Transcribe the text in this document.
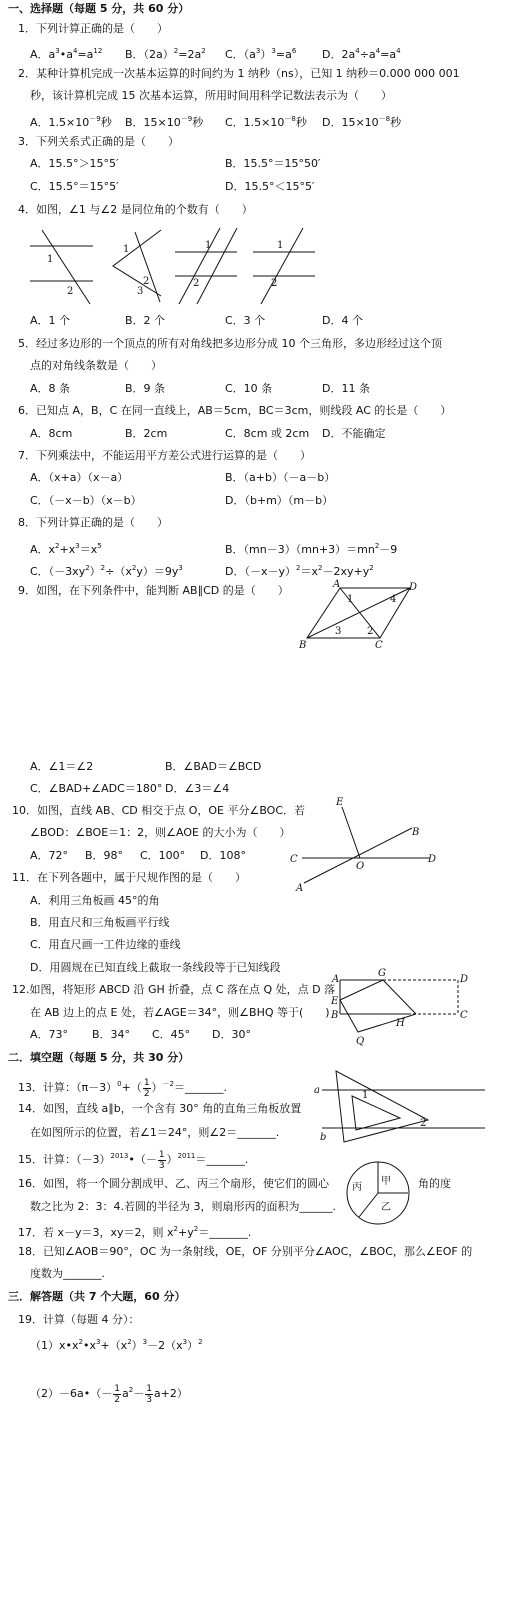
一、选择题（每题 5 分，共 60 分）
1．下列计算正确的是（　　）
A．$a^3•a^4=a^{12}$ B．$(2a)^2=2a^2$ C．$(a^3)^3=a^6$ D．$2a^4\div a^4=a^4$
2．某种计算机完成一次基本运算的时间约为 1 纳秒（ns），已知 1 纳秒＝0.000 000 001
秒，该计算机完成 15 次基本运算，所用时间用科学记数法表示为（　　）
A．$1.5\times 10^{-9}$秒 B．$15\times 10^{-9}$秒 C．$1.5\times 10^{-8}$秒 D．$15\times 10^{-8}$秒
3．下列关系式正确的是（　　）
A．15.5°＞15°5′	B．15.5°＝15°50′
C．15.5°＝15°5′	D．15.5°＜15°5′
4．如图，∠1 与∠2 是同位角的个数有（　　）
1
2
1
2
3
1
2
1
2
A．1 个	B．2 个	C．3 个	D．4 个
5．经过多边形的一个顶点的所有对角线把多边形分成 10 个三角形，多边形经过这个顶
点的对角线条数是（　　）
A．8 条	B．9 条	C．10 条	D．11 条
6．已知点 A，B，C 在同一直线上，AB＝5cm，BC＝3cm，则线段 AC 的长是（　　）
A．8cm	B．2cm	C．8cm 或 2cm D．不能确定
7．下列乘法中，不能运用平方差公式进行运算的是（　　）
A．（x+a）（x－a）	B．（a+b）（－a－b）
C．（－x－b）（x－b）	D．（b+m）（m－b）
8．下列计算正确的是（　　）
A．$x^2+x^3=x^5$	B．$(mn-3)(mn+3)=mn^2-9$
C．$(-3xy^2)^2\div(x^2y)=9y^3$	D．$(-x-y)^2=x^2-2xy+y^2$
9．如图，在下列条件中，能判断 AB∥CD 的是（　　）	A	D
B	C
1	4
3	2
A．∠1＝∠2	B．∠BAD＝∠BCD
C．∠BAD+∠ADC＝180° D．∠3＝∠4
10．如图，直线 AB、CD 相交于点 O，OE 平分∠BOC．若
∠BOD：∠BOE＝1：2，则∠AOE 的大小为（　　）
A．72° B．98° C．100° D．108°
E
B
C
O
D
A
11．在下列各题中，属于尺规作图的是（　　）
A．利用三角板画 45°的角
B．用直尺和三角板画平行线
C．用直尺画一工件边缘的垂线
D．用圆规在已知直线上截取一条线段等于已知线段
12.如图，将矩形 ABCD 沿 GH 折叠，点 C 落在点 Q 处，点 D 落
在 AB 边上的点 E 处，若∠AGE＝34°，则∠BHQ 等于(　　)
A．73° B．34° C．45° D．30°
A
G
D
E
B
H
C
Q
二．填空题（每题 5 分，共 30 分）
13．计算：$(\pi-3)^0+( \frac{1}{2}$ ）$^{-2}=\_\_\_\_\_\_\_$.
14．如图，直线 a∥b，一个含有 30° 角的直角三角板放置
在如图所示的位置，若∠1＝24°，则∠2＝_______.
a
b
1
2
15．计算：$(-3)^{2013}•(- \frac{1}{3}$ ）$^{2011}$＝_______.
16．如图，将一个圆分割成甲、乙、丙三个扇形，使它们的圆心	角的度
数之比为 2：3：4.若圆的半径为 3，则扇形丙的面积为______.
甲
乙
丙
17．若 x－y＝3，xy＝2，则 $x^2+y^2=\_\_\_\_\_\_\_$.
18．已知∠AOB＝90°，OC 为一条射线，OE，OF 分别平分∠AOC，∠BOC，那么∠EOF 的
度数为_______.
三．解答题（共 7 个大题，60 分）
19．计算（每题 4 分）：
$(1)x•x^2•x^3+(x^2)^3-2(x^3)^2$
（2）－6a•（－ $\frac{1}{2} a^2- \frac{1}{3} a+2$）
